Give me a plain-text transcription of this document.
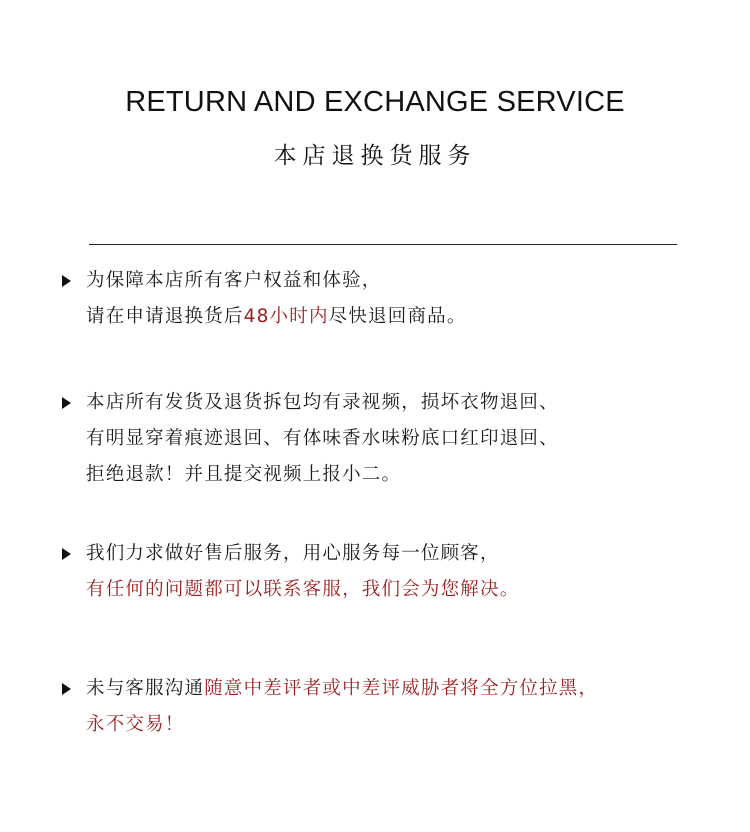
RETURN AND EXCHANGE SERVICE
本店退换货服务
为保障本店所有客户权益和体验，
请在申请退换货后48小时内尽快退回商品。
本店所有发货及退货拆包均有录视频，损坏衣物退回、
有明显穿着痕迹退回、有体味香水味粉底口红印退回、
拒绝退款！并且提交视频上报小二。
我们力求做好售后服务，用心服务每一位顾客，
有任何的问题都可以联系客服，我们会为您解决。
未与客服沟通随意中差评者或中差评威胁者将全方位拉黑，
永不交易！
